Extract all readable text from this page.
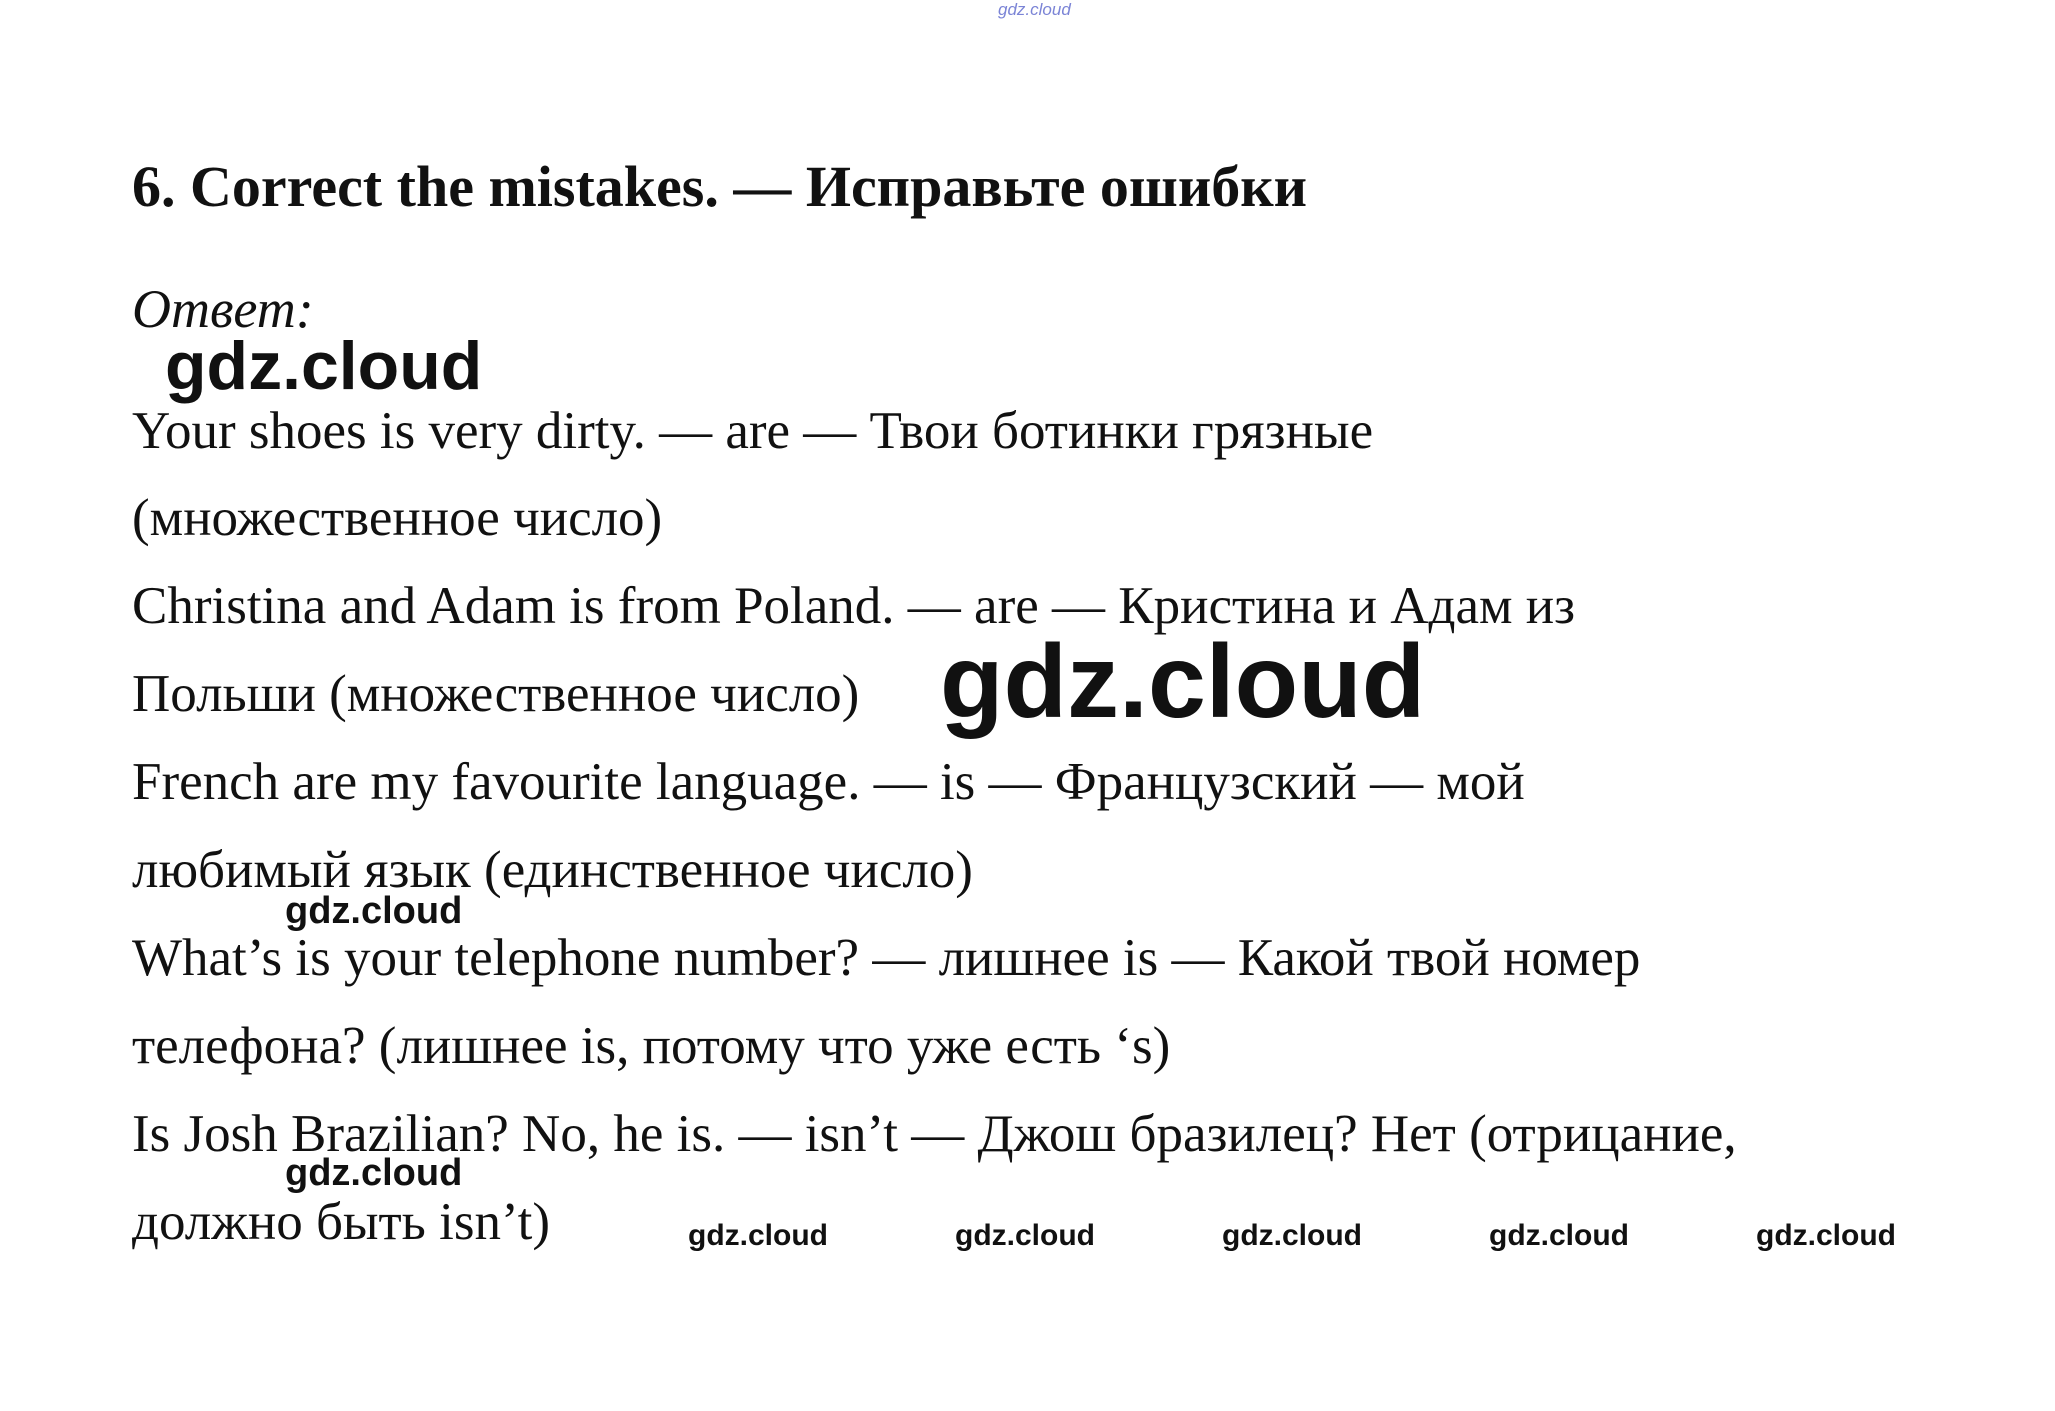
gdz.cloud
6. Correct the mistakes. — Исправьте ошибки
Ответ:
gdz.cloud
Your shoes is very dirty. — are — Твои ботинки грязные
(множественное число)
Christina and Adam is from Poland. — are — Кристина и Адам из
Польши (множественное число) gdz.cloud
French are my favourite language. — is — Французский — мой
любимый язык (единственное число)
gdz.cloud
What’s is your telephone number? — лишнее is — Какой твой номер
телефона? (лишнее is, потому что уже есть ‘s)
Is Josh Brazilian? No, he is. — isn’t — Джош бразилец? Нет (отрицание,
gdz.cloud
должно быть isn’t)	gdz.cloud	gdz.cloud	gdz.cloud	gdz.cloud	gdz.cloud
